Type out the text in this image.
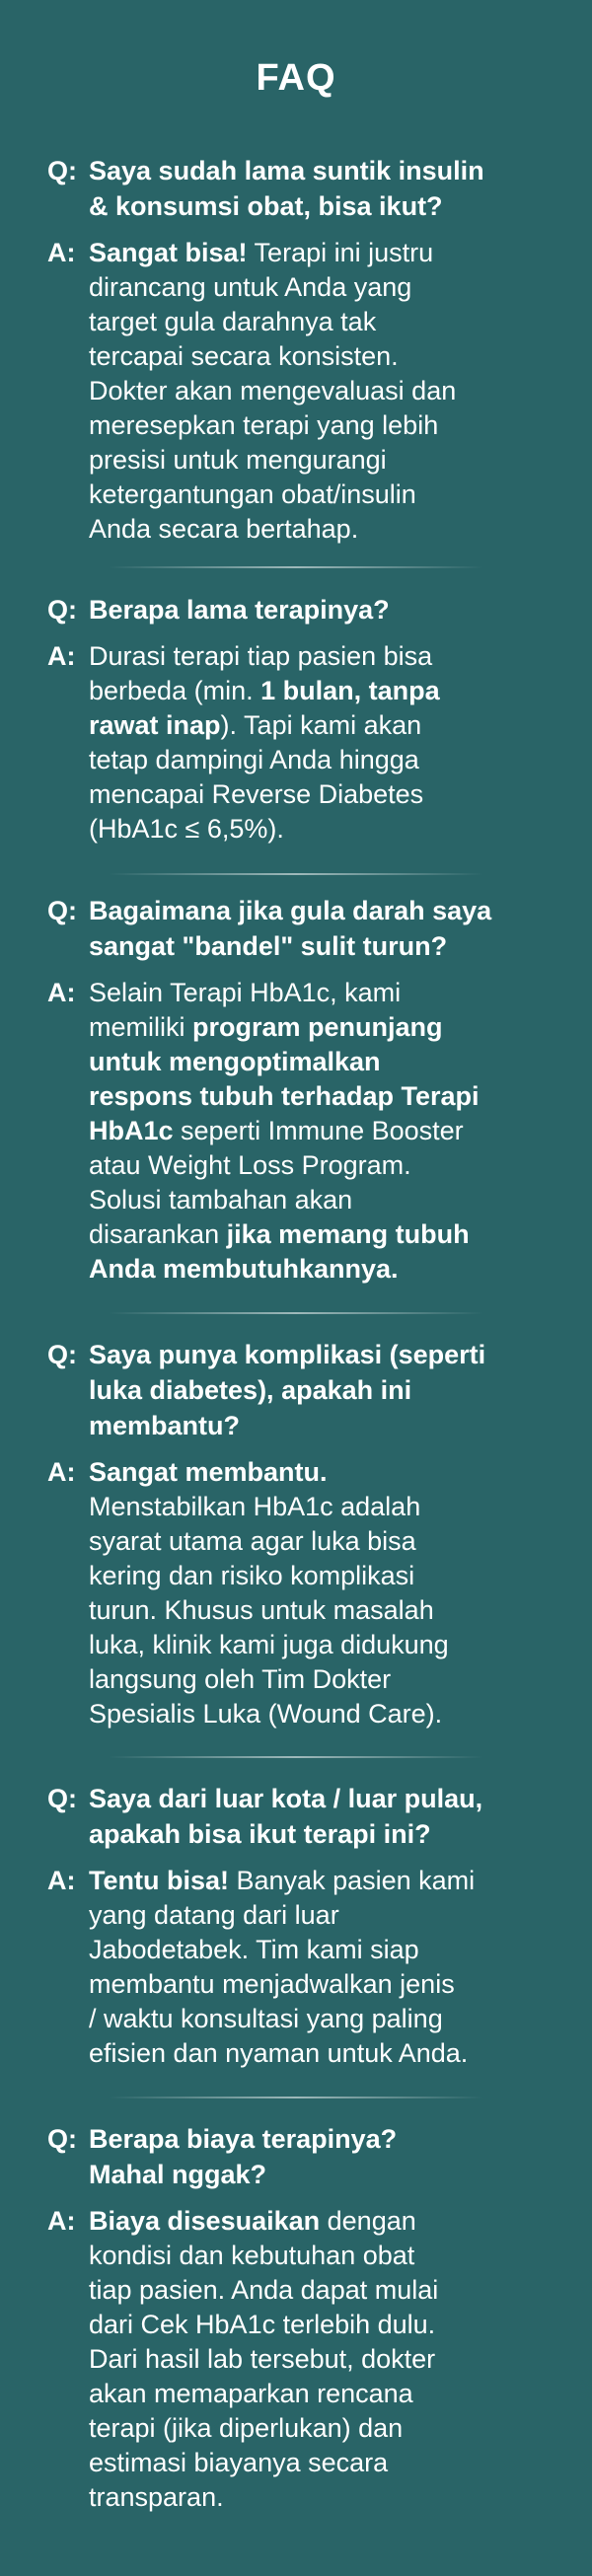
FAQ
Q: Saya sudah lama suntik insulin
& konsumsi obat, bisa ikut?
A: Sangat bisa! Terapi ini justru
dirancang untuk Anda yang
target gula darahnya tak
tercapai secara konsisten.
Dokter akan mengevaluasi dan
meresepkan terapi yang lebih
presisi untuk mengurangi
ketergantungan obat/insulin
Anda secara bertahap.
Q: Berapa lama terapinya?
A: Durasi terapi tiap pasien bisa
berbeda (min. 1 bulan, tanpa
rawat inap). Tapi kami akan
tetap dampingi Anda hingga
mencapai Reverse Diabetes
(HbA1c ≤ 6,5%).
Q: Bagaimana jika gula darah saya
sangat "bandel" sulit turun?
A: Selain Terapi HbA1c, kami
memiliki program penunjang
untuk mengoptimalkan
respons tubuh terhadap Terapi
HbA1c seperti Immune Booster
atau Weight Loss Program.
Solusi tambahan akan
disarankan jika memang tubuh
Anda membutuhkannya.
Q: Saya punya komplikasi (seperti
luka diabetes), apakah ini
membantu?
A: Sangat membantu.
Menstabilkan HbA1c adalah
syarat utama agar luka bisa
kering dan risiko komplikasi
turun. Khusus untuk masalah
luka, klinik kami juga didukung
langsung oleh Tim Dokter
Spesialis Luka (Wound Care).
Q: Saya dari luar kota / luar pulau,
apakah bisa ikut terapi ini?
A: Tentu bisa! Banyak pasien kami
yang datang dari luar
Jabodetabek. Tim kami siap
membantu menjadwalkan jenis
/ waktu konsultasi yang paling
efisien dan nyaman untuk Anda.
Q: Berapa biaya terapinya?
Mahal nggak?
A: Biaya disesuaikan dengan
kondisi dan kebutuhan obat
tiap pasien. Anda dapat mulai
dari Cek HbA1c terlebih dulu.
Dari hasil lab tersebut, dokter
akan memaparkan rencana
terapi (jika diperlukan) dan
estimasi biayanya secara
transparan.
